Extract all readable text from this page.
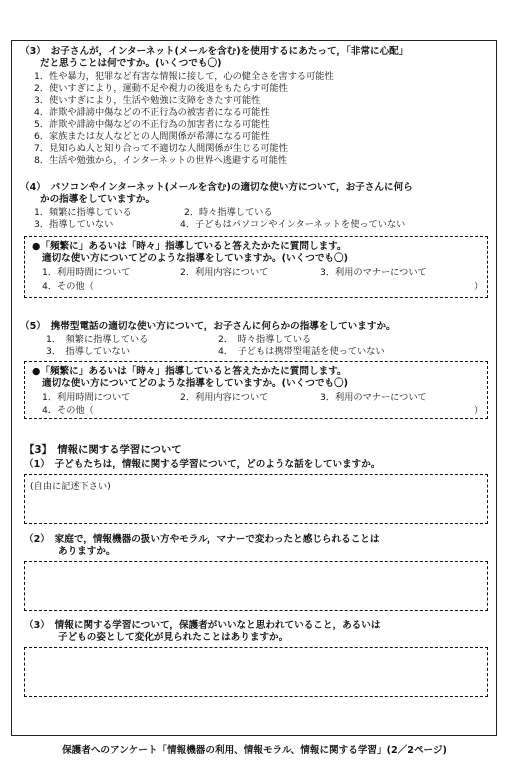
（3）　お子さんが，インターネット(メールを含む)を使用するにあたって，「非常に心配」
だと思うことは何ですか。(いくつでも〇)
1．性や暴力，犯罪など有害な情報に接して，心の健全さを害する可能性
2．使いすぎにより，運動不足や視力の後退をもたらす可能性
3．使いすぎにより，生活や勉強に支障をきたす可能性
4．詐欺や誹謗中傷などの不正行為の被害者になる可能性
5．詐欺や誹謗中傷などの不正行為の加害者になる可能性
6．家族または友人などとの人間関係が希薄になる可能性
7．見知らぬ人と知り合って不適切な人間関係が生じる可能性
8．生活や勉強から，インターネットの世界へ逃避する可能性
（4）　パソコンやインターネット(メールを含む)の適切な使い方について，お子さんに何ら
かの指導をしていますか。
1．頻繁に指導している	2．時々指導している
3．指導していない	4．子どもはパソコンやインターネットを使っていない
●「頻繁に」あるいは「時々」指導していると答えたかたに質問します。
適切な使い方についてどのような指導をしていますか。(いくつでも〇)
1．利用時間について	2．利用内容について	3．利用のマナーについて
4．その他（	）
（5）　携帯型電話の適切な使い方について，お子さんに何らかの指導をしていますか。
1．　頻繁に指導している	2．　時々指導している
3．　指導していない	4．　子どもは携帯型電話を使っていない
●「頻繁に」あるいは「時々」指導していると答えたかたに質問します。
適切な使い方についてどのような指導をしていますか。(いくつでも〇)
1．利用時間について	2．利用内容について	3．利用のマナーについて
4．その他（	）
【3】　情報に関する学習について
（1）　子どもたちは，情報に関する学習について，どのような話をしていますか。
(自由に記述下さい)
（2）　家庭で，情報機器の扱い方やモラル，マナーで変わったと感じられることは
ありますか。
（3）　情報に関する学習について，保護者がいいなと思われていること，あるいは
子どもの姿として変化が見られたことはありますか。
保護者へのアンケート「情報機器の利用、情報モラル、情報に関する学習」(2／2ページ)
